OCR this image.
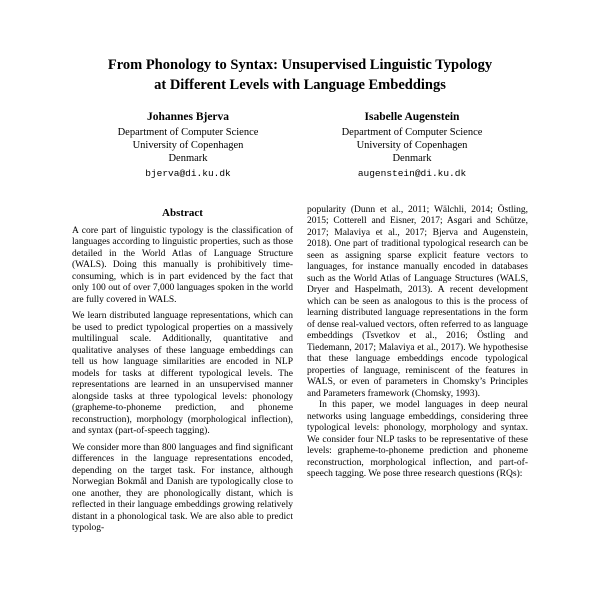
From Phonology to Syntax: Unsupervised Linguistic Typology
at Different Levels with Language Embeddings
Johannes Bjerva
Department of Computer Science
University of Copenhagen
Denmark
bjerva@di.ku.dk
Isabelle Augenstein
Department of Computer Science
University of Copenhagen
Denmark
augenstein@di.ku.dk
Abstract

A core part of linguistic typology is the classification of languages according to linguistic properties, such as those detailed in the World Atlas of Language Structure (WALS). Doing this manually is prohibitively time-consuming, which is in part evidenced by the fact that only 100 out of over 7,000 languages spoken in the world are fully covered in WALS.

We learn distributed language representations, which can be used to predict typological properties on a massively multilingual scale. Additionally, quantitative and qualitative analyses of these language embeddings can tell us how language similarities are encoded in NLP models for tasks at different typological levels. The representations are learned in an unsupervised manner alongside tasks at three typological levels: phonology (grapheme-to-phoneme prediction, and phoneme reconstruction), morphology (morphological inflection), and syntax (part-of-speech tagging).

We consider more than 800 languages and find significant differences in the language representations encoded, depending on the target task. For instance, although Norwegian Bokmål and Danish are typologically close to one another, they are phonologically distant, which is reflected in their language embeddings growing relatively distant in a phonological task. We are also able to predict typolog-

popularity (Dunn et al., 2011; Wälchli, 2014; Östling, 2015; Cotterell and Eisner, 2017; Asgari and Schütze, 2017; Malaviya et al., 2017; Bjerva and Augenstein, 2018). One part of traditional typological research can be seen as assigning sparse explicit feature vectors to languages, for instance manually encoded in databases such as the World Atlas of Language Structures (WALS, Dryer and Haspelmath, 2013). A recent development which can be seen as analogous to this is the process of learning distributed language representations in the form of dense real-valued vectors, often referred to as language embeddings (Tsvetkov et al., 2016; Östling and Tiedemann, 2017; Malaviya et al., 2017). We hypothesise that these language embeddings encode typological properties of language, reminiscent of the features in WALS, or even of parameters in Chomsky’s Principles and Parameters framework (Chomsky, 1993).

In this paper, we model languages in deep neural networks using language embeddings, considering three typological levels: phonology, morphology and syntax. We consider four NLP tasks to be representative of these levels: grapheme-to-phoneme prediction and phoneme reconstruction, morphological inflection, and part-of-speech tagging. We pose three research questions (RQs):
